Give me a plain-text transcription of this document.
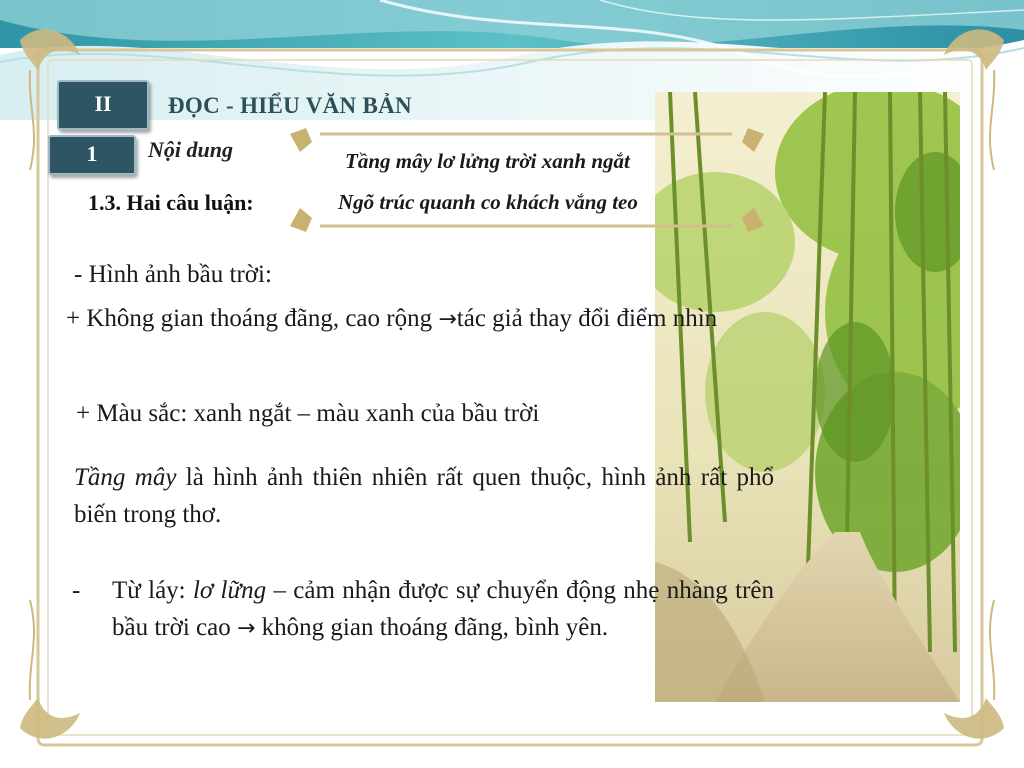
II	ĐỌC - HIỂU VĂN BẢN
1	Nội dung
1.3. Hai câu luận:
Tầng mây lơ lửng trời xanh ngắt
Ngõ trúc quanh co khách vắng teo
- Hình ảnh bầu trời:
+ Không gian thoáng đãng, cao rộng →tác giả thay đổi điểm nhìn
+ Màu sắc: xanh ngắt – màu xanh của bầu trời
Tầng mây là hình ảnh thiên nhiên rất quen thuộc, hình ảnh rất phổ biến trong thơ.
- Từ láy: lơ lững – cảm nhận được sự chuyển động nhẹ nhàng trên bầu trời cao → không gian thoáng đãng, bình yên.
